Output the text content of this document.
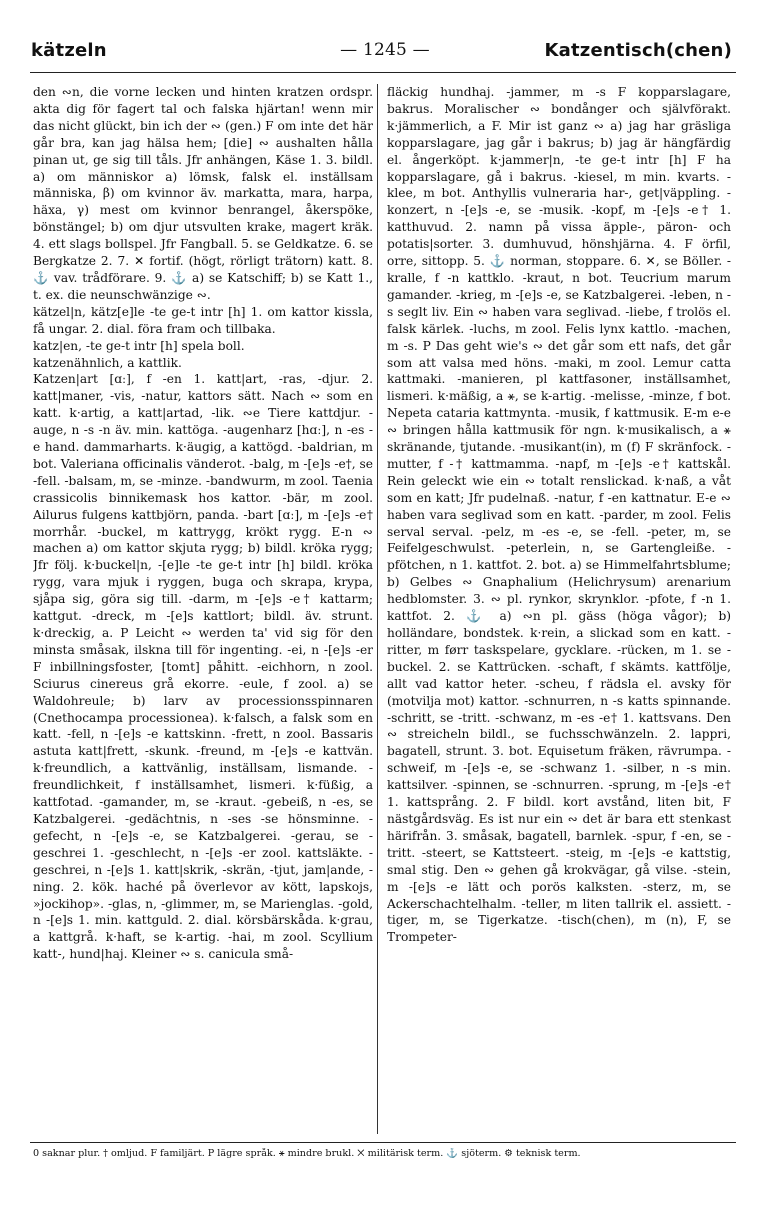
kätzeln	— 1245 —	Katzentisch(chen)

den ∾n, die vorne lecken und hinten kratzen ordspr. akta dig för fagert tal och falska hjärtan! wenn mir das nicht glückt, bin ich der ∾ (gen.) F om inte det här går bra, kan jag hälsa hem; [die] ∾ aushalten hålla pinan ut, ge sig till tåls. Jfr anhängen, Käse 1. 3. bildl. a) om människor a) lömsk, falsk el. inställsam människa, β) om kvinnor äv. markatta, mara, harpa, häxa, γ) mest om kvinnor benrangel, åkerspöke, bönstängel; b) om djur utsvulten krake, magert kräk. 4. ett slags bollspel. Jfr Fangball. 5. se Geldkatze. 6. se Bergkatze 2. 7. ✕ fortif. (högt, rörligt trätorn) katt. 8. ⚓ vav. trådförare. 9. ⚓ a) se Katschiff; b) se Katt 1., t. ex. die neunschwänzige ∾.

kätzel|n, kätz[e]le -te ge-t intr [h] 1. om kattor kissla, få ungar. 2. dial. föra fram och tillbaka.

katz|en, -te ge-t intr [h] spela boll.

katzenähnlich, a kattlik.

Katzen|art [ɑː], f -en 1. katt|art, -ras, -djur. 2. katt|maner, -vis, -natur, kattors sätt. Nach ∾ som en katt. k·artig, a katt|artad, -lik. ∾e Tiere kattdjur. -auge, n -s -n äv. min. kattöga. -augenharz [hɑː], n -es -e hand. dammarharts. k·äugig, a kattögd. -baldrian, m bot. Valeriana officinalis vänderot. -balg, m -[e]s -e†, se -fell. -balsam, m, se -minze. -bandwurm, m zool. Taenia crassicolis binnikemask hos kattor. -bär, m zool. Ailurus fulgens kattbjörn, panda. -bart [ɑː], m -[e]s -e† morrhår. -buckel, m kattrygg, krökt rygg. E-n ∾ machen a) om kattor skjuta rygg; b) bildl. kröka rygg; Jfr följ. k·buckel|n, -[e]le -te ge-t intr [h] bildl. kröka rygg, vara mjuk i ryggen, buga och skrapa, krypa, sjåpa sig, göra sig till. -darm, m -[e]s -e† kattarm; kattgut. -dreck, m -[e]s kattlort; bildl. äv. strunt. k·dreckig, a. P Leicht ∾ werden ta' vid sig för den minsta småsak, ilskna till för ingenting. -ei, n -[e]s -er F inbillningsfoster, [tomt] påhitt. -eichhorn, n zool. Sciurus cinereus grå ekorre. -eule, f zool. a) se Waldohreule; b) larv av processionsspinnaren (Cnethocampa processionea). k·falsch, a falsk som en katt. -fell, n -[e]s -e kattskinn. -frett, n zool. Bassaris astuta katt|frett, -skunk. -freund, m -[e]s -e kattvän. k·freundlich, a kattvänlig, inställsam, lismande. -freundlichkeit, f inställsamhet, lismeri. k·füßig, a kattfotad. -gamander, m, se -kraut. -gebeiß, n -es, se Katzbalgerei. -gedächtnis, n -ses -se hönsminne. -gefecht, n -[e]s -e, se Katzbalgerei. -gerau, se -geschrei 1. -geschlecht, n -[e]s -er zool. kattsläkte. -geschrei, n -[e]s 1. katt|skrik, -skrän, -tjut, jam|ande, -ning. 2. kök. haché på överlevor av kött, lapskojs, »jockihop». -glas, n, -glimmer, m, se Marienglas. -gold, n -[e]s 1. min. kattguld. 2. dial. körsbärskåda. k·grau, a kattgrå. k·haft, se k-artig. -hai, m zool. Scyllium katt-, hund|haj. Kleiner ∾ s. canicula små-

fläckig hundhaj. -jammer, m -s F kopparslagare, bakrus. Moralischer ∾ bondånger och självförakt. k·jämmerlich, a F. Mir ist ganz ∾ a) jag har gräsliga kopparslagare, jag går i bakrus; b) jag är hängfärdig el. ångerköpt. k·jammer|n, -te ge-t intr [h] F ha kopparslagare, gå i bakrus. -kiesel, m min. kvarts. -klee, m bot. Anthyllis vulneraria har-, get|väppling. -konzert, n -[e]s -e, se -musik. -kopf, m -[e]s -e† 1. katthuvud. 2. namn på vissa äpple-, päron- och potatis|sorter. 3. dumhuvud, hönshjärna. 4. F örfil, orre, sittopp. 5. ⚓ norman, stoppare. 6. ✕, se Böller. -kralle, f -n kattklo. -kraut, n bot. Teucrium marum gamander. -krieg, m -[e]s -e, se Katzbalgerei. -leben, n -s seglt liv. Ein ∾ haben vara seglivad. -liebe, f trolös el. falsk kärlek. -luchs, m zool. Felis lynx kattlo. -machen, m -s. P Das geht wie's ∾ det går som ett nafs, det går som att valsa med höns. -maki, m zool. Lemur catta kattmaki. -manieren, pl kattfasoner, inställsamhet, lismeri. k·mäßig, a ⚹, se k-artig. -melisse, -minze, f bot. Nepeta cataria kattmynta. -musik, f kattmusik. E-m e-e ∾ bringen hålla kattmusik för ngn. k·musikalisch, a ⚹ skränande, tjutande. -musikant(in), m (f) F skränfock. -mutter, f -† kattmamma. -napf, m -[e]s -e† kattskål. Rein geleckt wie ein ∾ totalt renslickad. k·naß, a våt som en katt; Jfr pudelnaß. -natur, f -en kattnatur. E-e ∾ haben vara seglivad som en katt. -parder, m zool. Felis serval serval. -pelz, m -es -e, se -fell. -peter, m, se Feifelgeschwulst. -peterlein, n, se Gartengleiße. -pfötchen, n 1. kattfot. 2. bot. a) se Himmelfahrtsblume; b) Gelbes ∾ Gnaphalium (Helichrysum) arenarium hedblomster. 3. ∾ pl. rynkor, skrynklor. -pfote, f -n 1. kattfot. 2. ⚓ a) ∾n pl. gäss (höga vågor); b) holländare, bondstek. k·rein, a slickad som en katt. -ritter, m førr taskspelare, gycklare. -rücken, m 1. se -buckel. 2. se Kattrücken. -schaft, f skämts. kattfölje, allt vad kattor heter. -scheu, f rädsla el. avsky för (motvilja mot) kattor. -schnurren, n -s katts spinnande. -schritt, se -tritt. -schwanz, m -es -e† 1. kattsvans. Den ∾ streicheln bildl., se fuchsschwänzeln. 2. lappri, bagatell, strunt. 3. bot. Equisetum fräken, rävrumpa. -schweif, m -[e]s -e, se -schwanz 1. -silber, n -s min. kattsilver. -spinnen, se -schnurren. -sprung, m -[e]s -e† 1. kattsprång. 2. F bildl. kort avstånd, liten bit, F nästgårdsväg. Es ist nur ein ∾ det är bara ett stenkast härifrån. 3. småsak, bagatell, barnlek. -spur, f -en, se -tritt. -steert, se Kattsteert. -steig, m -[e]s -e kattstig, smal stig. Den ∾ gehen gå krokvägar, gå vilse. -stein, m -[e]s -e lätt och porös kalksten. -sterz, m, se Ackerschachtelhalm. -teller, m liten tallrik el. assiett. -tiger, m, se Tigerkatze. -tisch(chen), m (n), F, se Trompeter-

0 saknar plur. † omljud. F familjärt. P lägre språk. ⚹ mindre brukl. ✕ militärisk term. ⚓ sjöterm. ⚙ teknisk term.
